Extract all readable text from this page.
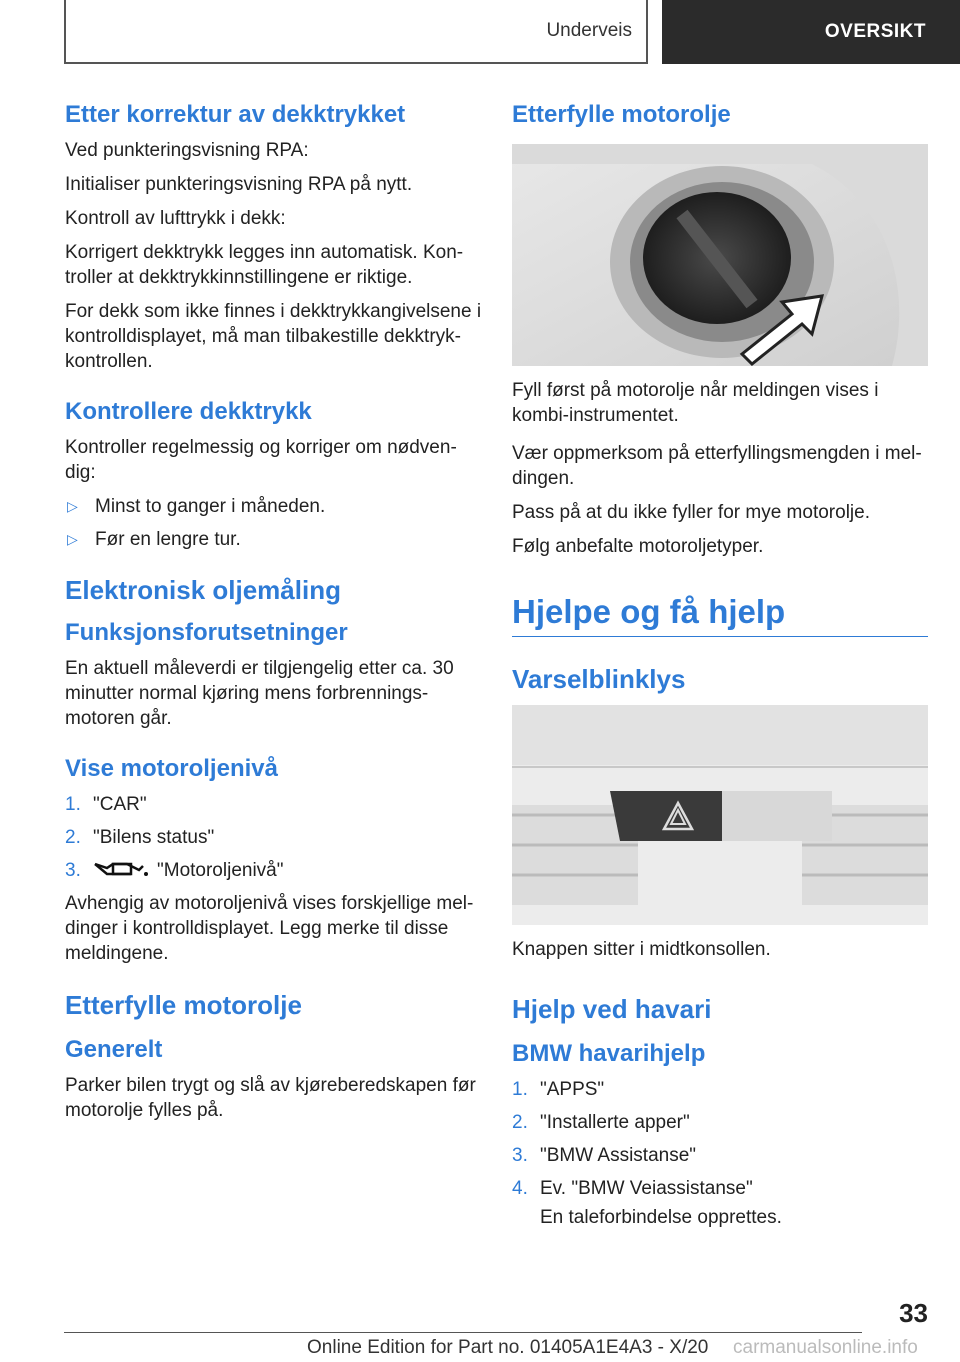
Underveis	OVERSIKT
Etter korrektur av dekktrykket

Ved punkteringsvisning RPA:

Initialiser punkteringsvisning RPA på nytt.

Kontroll av lufttrykk i dekk:

Korrigert dekktrykk legges inn automatisk. Kon‐ troller at dekktrykkinnstillingene er riktige.

For dekk som ikke finnes i dekktrykkangivelsene i kontrolldisplayet, må man tilbakestille dekktryk‐ kontrollen.

Kontrollere dekktrykk

Kontroller regelmessig og korriger om nødven‐ dig:

▷ Minst to ganger i måneden.
▷ Før en lengre tur.
Elektronisk oljemåling
Funksjonsforutsetninger

En aktuell måleverdi er tilgjengelig etter ca. 30 minutter normal kjøring mens forbrennings‐ motoren går.

Vise motoroljenivå
1. "CAR"
2. "Bilens status"
3.	"Motoroljenivå"

Avhengig av motoroljenivå vises forskjellige mel‐ dinger i kontrolldisplayet. Legg merke til disse meldingene.

Etterfylle motorolje
Generelt

Parker bilen trygt og slå av kjøreberedskapen før motorolje fylles på.

Etterfylle motorolje

Fyll først på motorolje når meldingen vises i kombi-instrumentet.

Vær oppmerksom på etterfyllingsmengden i mel‐ dingen.

Pass på at du ikke fyller for mye motorolje.

Følg anbefalte motoroljetyper.

Hjelpe og få hjelp
Varselblinklys

Knappen sitter i midtkonsollen.

Hjelp ved havari
BMW havarihjelp
1. "APPS"
2. "Installerte apper"
3. "BMW Assistanse"
4. Ev. "BMW Veiassistanse"
En taleforbindelse opprettes.
33
Online Edition for Part no. 01405A1E4A3 - X/20 carmanualsonline.info
